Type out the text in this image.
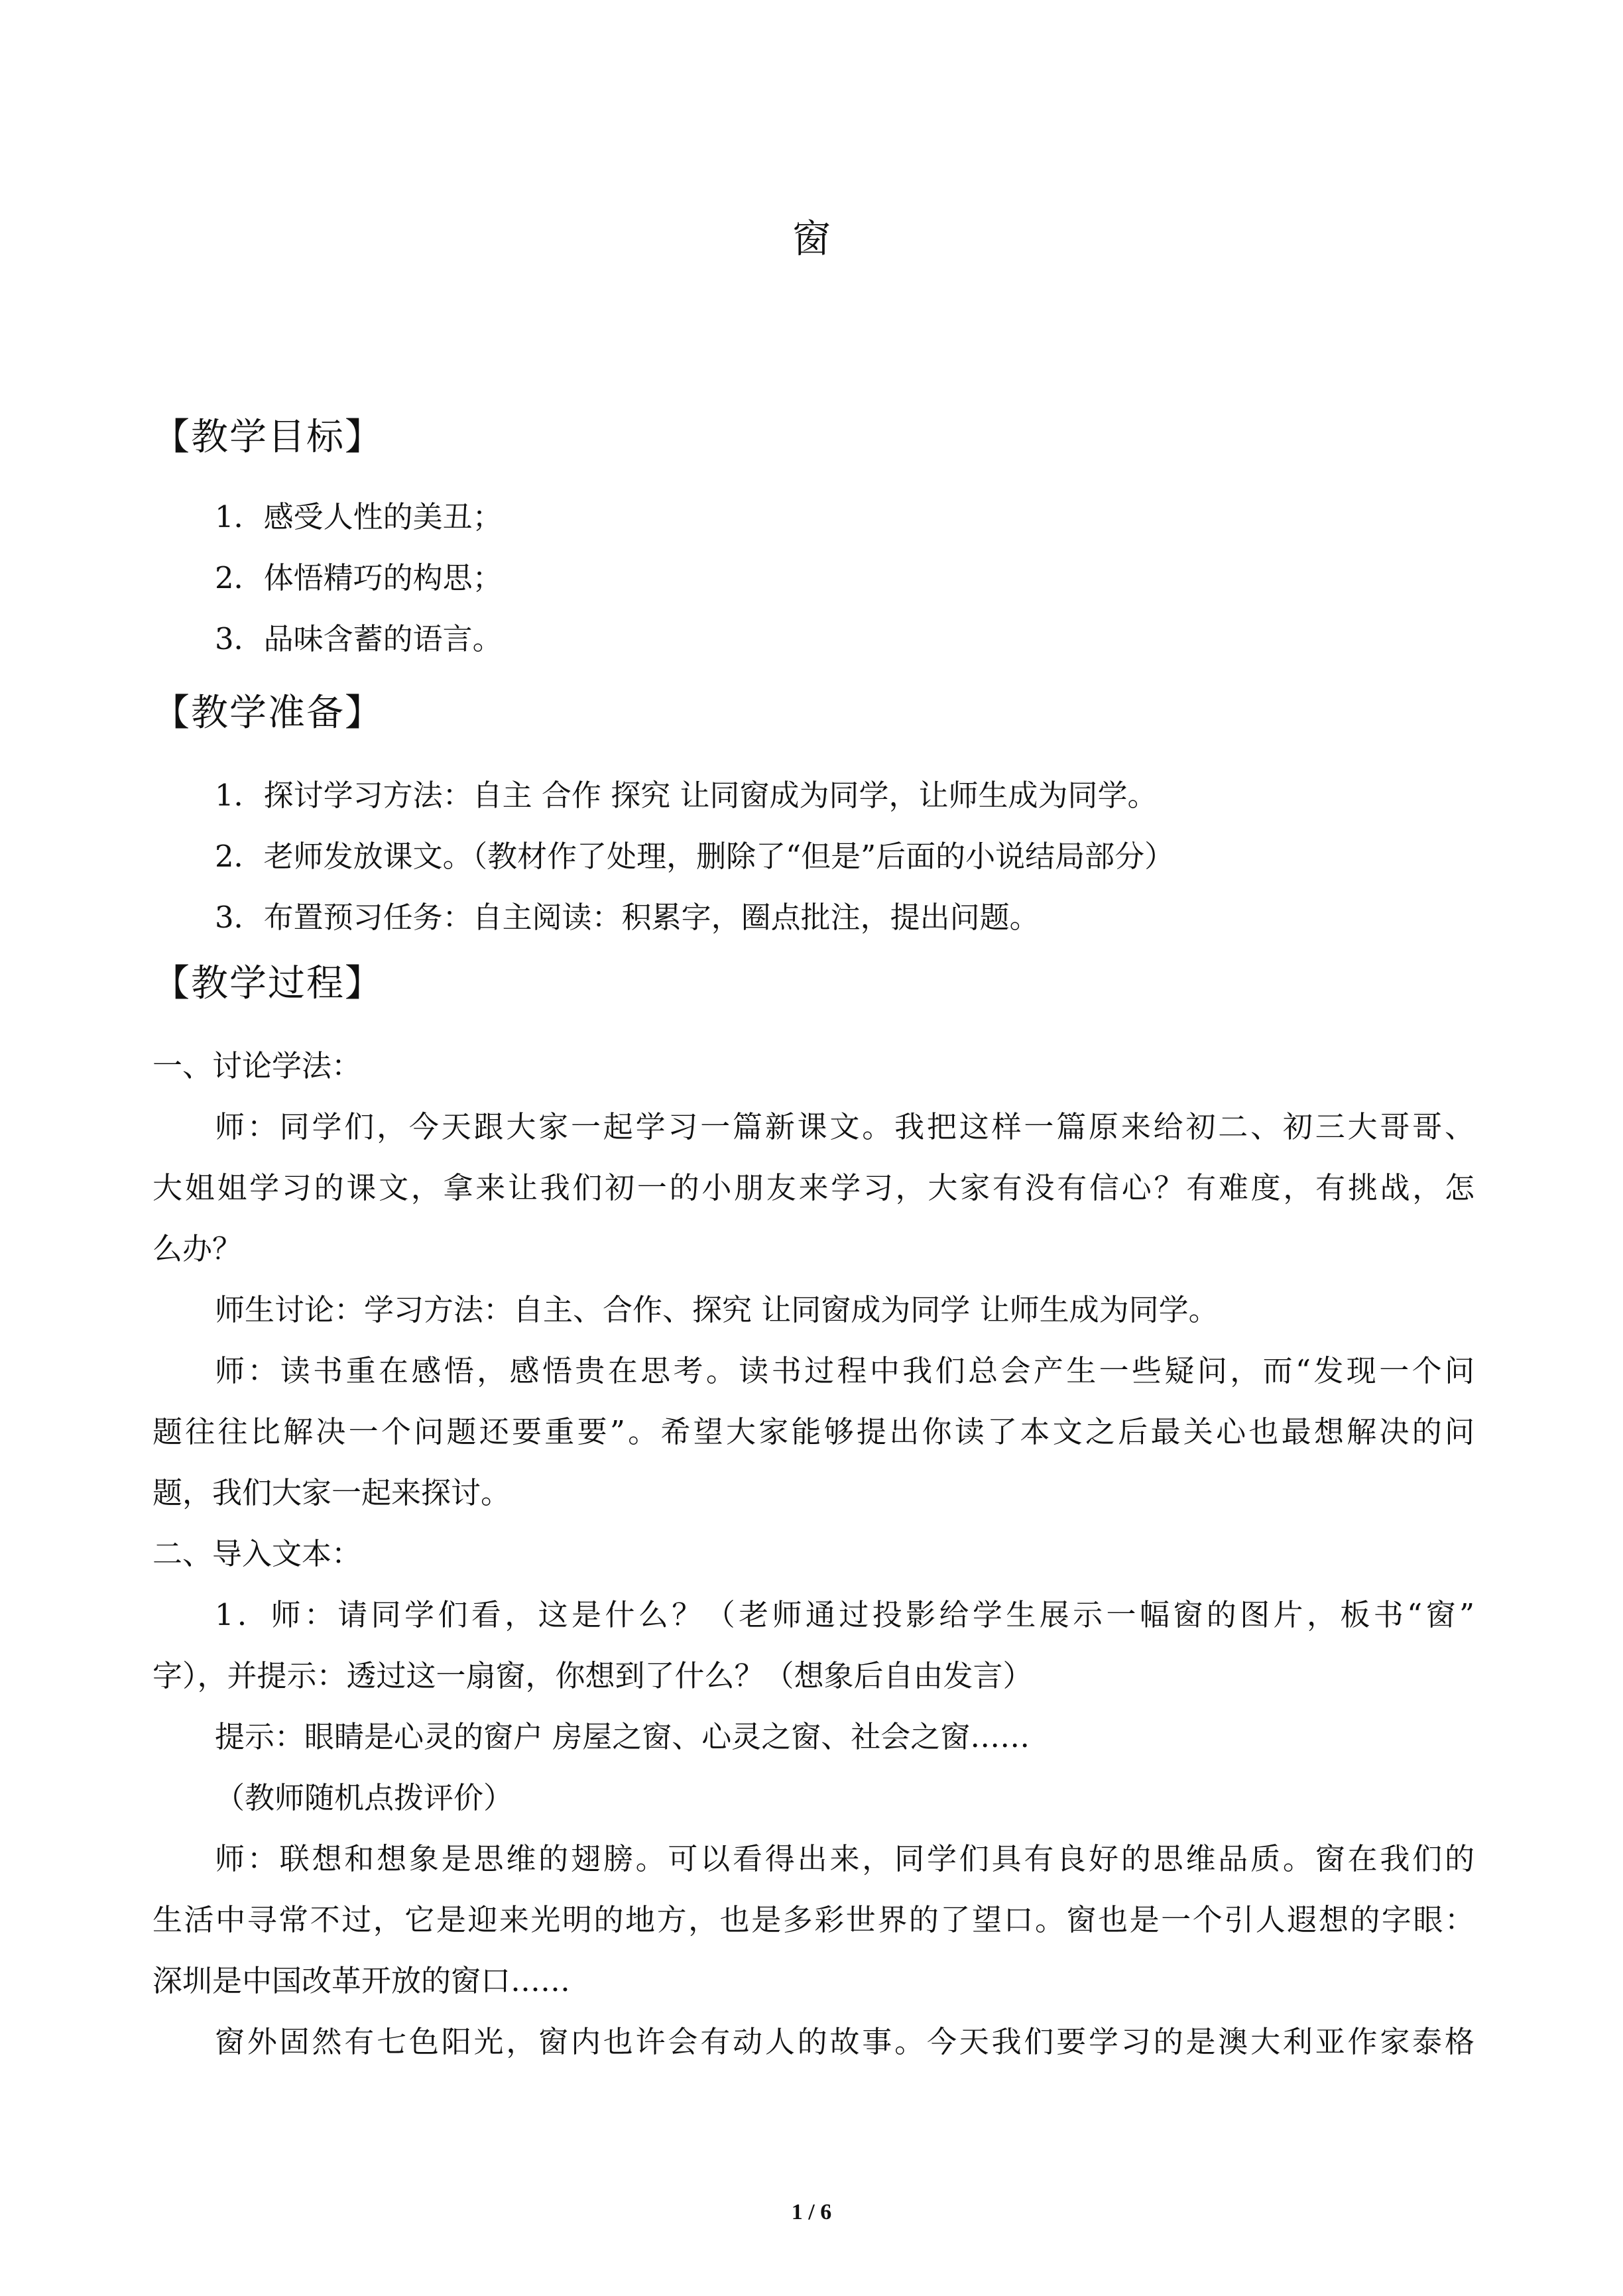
窗
【教学目标】
1．感受人性的美丑；
2．体悟精巧的构思；
3．品味含蓄的语言。
【教学准备】
1．探讨学习方法：自主 合作 探究 让同窗成为同学，让师生成为同学。
2．老师发放课文。（教材作了处理，删除了“但是”后面的小说结局部分）
3．布置预习任务：自主阅读：积累字，圈点批注，提出问题。
【教学过程】
一、讨论学法：
师：同学们，今天跟大家一起学习一篇新课文。我把这样一篇原来给初二、初三大哥哥、
大姐姐学习的课文，拿来让我们初一的小朋友来学习，大家有没有信心？有难度，有挑战，怎
么办？
师生讨论：学习方法：自主、合作、探究 让同窗成为同学 让师生成为同学。
师：读书重在感悟，感悟贵在思考。读书过程中我们总会产生一些疑问，而“发现一个问
题往往比解决一个问题还要重要”。希望大家能够提出你读了本文之后最关心也最想解决的问
题，我们大家一起来探讨。
二、导入文本：
1．师：请同学们看，这是什么？（老师通过投影给学生展示一幅窗的图片，板书“窗”
字），并提示：透过这一扇窗，你想到了什么？（想象后自由发言）
提示：眼睛是心灵的窗户 房屋之窗、心灵之窗、社会之窗……
（教师随机点拨评价）
师：联想和想象是思维的翅膀。可以看得出来，同学们具有良好的思维品质。窗在我们的
生活中寻常不过，它是迎来光明的地方，也是多彩世界的了望口。窗也是一个引人遐想的字眼：
深圳是中国改革开放的窗口……
窗外固然有七色阳光，窗内也许会有动人的故事。今天我们要学习的是澳大利亚作家泰格
1 / 6
